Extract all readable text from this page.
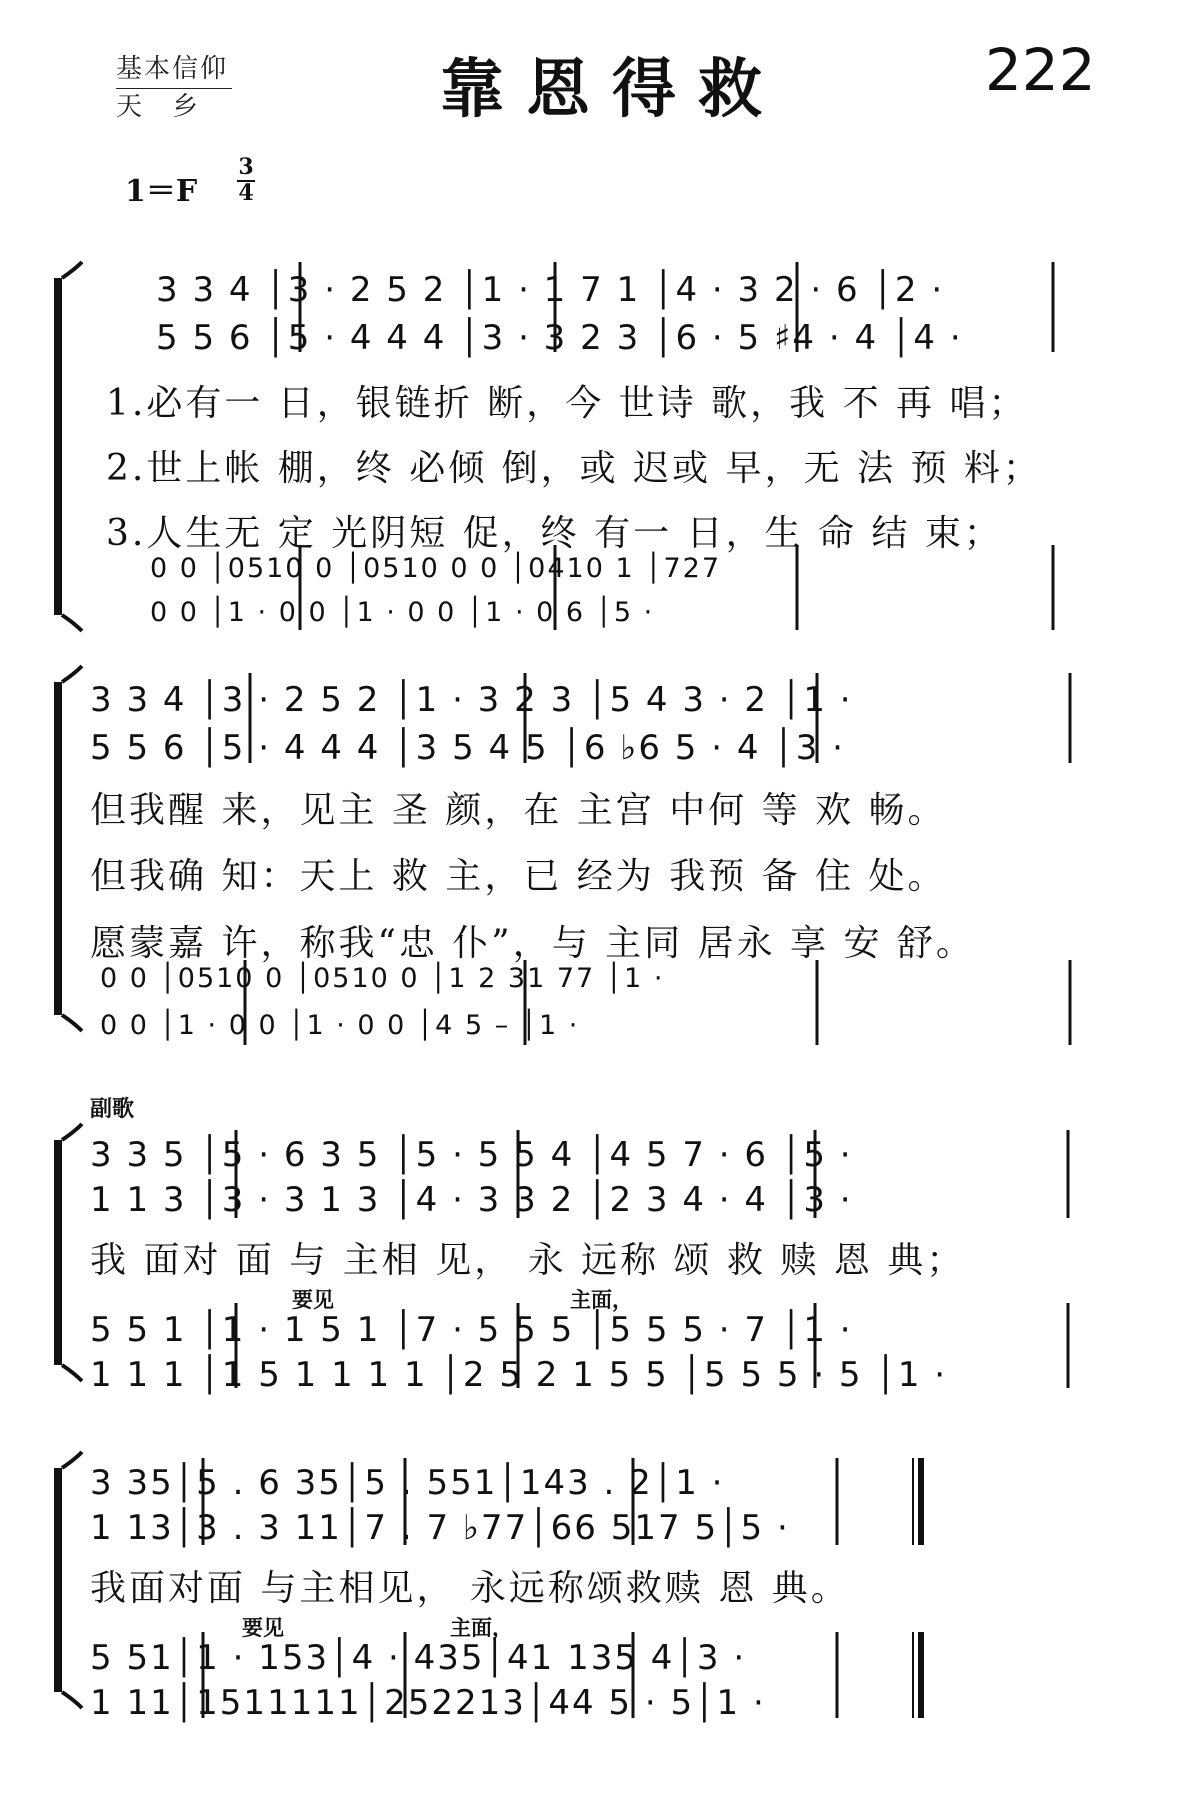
基本信仰
天　乡	靠恩得救	222
1＝F
3
4
3 3 4 │3 · 2 5 2 │1 · 1 7 1 │4 · 3 2 · 6 │2 ·
5 5 6 │5 · 4 4 4 │3 · 3 2 3 │6 · 5 ♯4 · 4 │4 ·
1.必有一 日，银链折 断，今 世诗 歌，我 不 再 唱；
2.世上帐 棚，终 必倾 倒，或 迟或 早，无 法 预 料；
3.人生无 定 光阴短 促，终 有一 日，生 命 结 束；
0 0 │0510 0 │0510 0 0 │0410 1 │727
0 0 │1 · 0 0 │1 · 0 0 │1 · 0 6 │5 ·
3 3 4 │3 · 2 5 2 │1 · 3 2 3 │5 4 3 · 2 │1 ·
5 5 6 │5 · 4 4 4 │3 5 4 5 │6 ♭6 5 · 4 │3 ·
但我醒 来，见主 圣 颜，在 主宫 中何 等 欢 畅。
但我确 知：天上 救 主，已 经为 我预 备 住 处。
愿蒙嘉 许，称我“忠 仆”，与 主同 居永 享 安 舒。
0 0 │0510 0 │0510 0 │1 2 31 77 │1 ·
0 0 │1 · 0 0 │1 · 0 0 │4 5 – │1 ·
副歌
3 3 5 │5 · 6 3 5 │5 · 5 5 4 │4 5 7 · 6 │5 ·
1 1 3 │3 · 3 1 3 │4 · 3 3 2 │2 3 4 · 4 │3 ·
我 面对 面 与 主相 见， 永 远称 颂 救 赎 恩 典；
要见	主面，
5 5 1 │1 · 1 5 1 │7 · 5 5 5 │5 5 5 · 7 │1 ·
1 1 1 │1 5 1 1 1 1 │2 5 2 1 5 5 │5 5 5 · 5 │1 ·
3 35│5 . 6 35│5 . 551│143 . 2│1 ·
1 13│3 . 3 11│7 . 7 ♭77│66 517 5│5 ·
我面对面 与主相见， 永远称颂救赎 恩 典。
要见	主面，
5 51│1 · 153│4 · 435│41 135 4│3 ·
1 11│1511111│252213│44 5 · 5│1 ·
